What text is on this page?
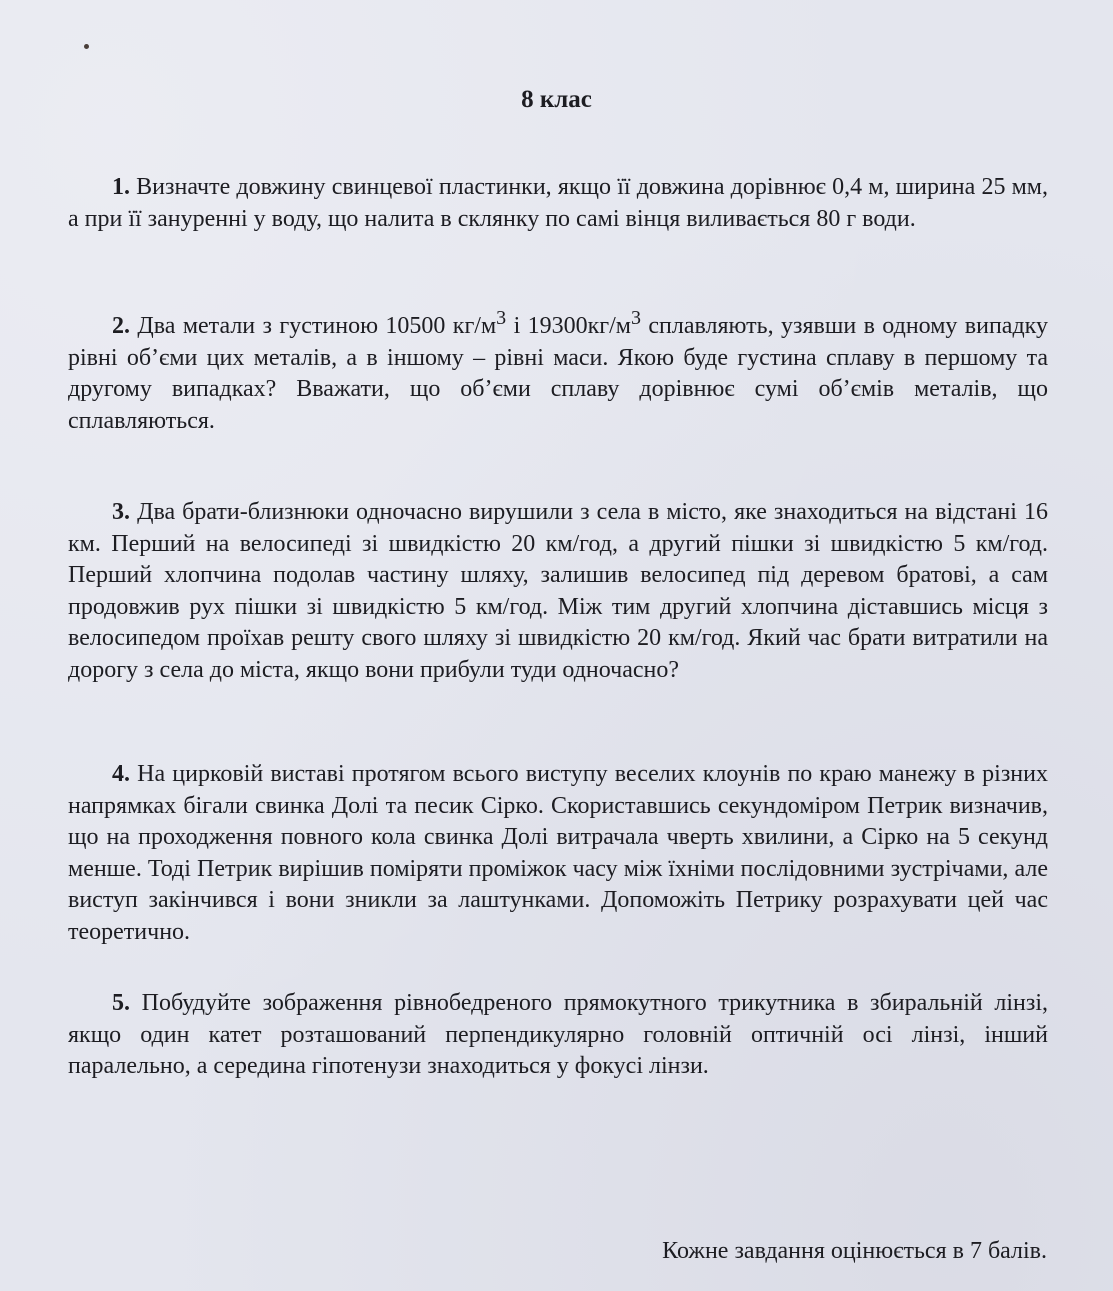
8 клас

1. Визначте довжину свинцевої пластинки, якщо її довжина дорівнює 0,4 м, ширина 25 мм, а при її зануренні у воду, що налита в склянку по самі вінця виливається 80 г води.

2. Два метали з густиною 10500 $кг/м^3$ і $19300кг/м^3$ сплавляють, узявши в одному випадку рівні об’єми цих металів, а в іншому – рівні маси. Якою буде густина сплаву в першому та другому випадках? Вважати, що об’єми сплаву дорівнює сумі об’ємів металів, що сплавляються.

3. Два брати-близнюки одночасно вирушили з села в місто, яке знаходиться на відстані 16 км. Перший на велосипеді зі швидкістю 20 км/год, а другий пішки зі швидкістю 5 км/год. Перший хлопчина подолав частину шляху, залишив велосипед під деревом братові, а сам продовжив рух пішки зі швидкістю 5 км/год. Між тим другий хлопчина діставшись місця з велосипедом проїхав решту свого шляху зі швидкістю 20 км/год. Який час брати витратили на дорогу з села до міста, якщо вони прибули туди одночасно?

4. На цирковій виставі протягом всього виступу веселих клоунів по краю манежу в різних напрямках бігали свинка Долі та песик Сірко. Скориставшись секундоміром Петрик визначив, що на проходження повного кола свинка Долі витрачала чверть хвилини, а Сірко на 5 секунд менше. Тоді Петрик вирішив поміряти проміжок часу між їхніми послідовними зустрічами, але виступ закінчився і вони зникли за лаштунками. Допоможіть Петрику розрахувати цей час теоретично.

5. Побудуйте зображення рівнобедреного прямокутного трикутника в збиральній лінзі, якщо один катет розташований перпендикулярно головній оптичній осі лінзі, інший паралельно, а середина гіпотенузи знаходиться у фокусі лінзи.

Кожне завдання оцінюється в 7 балів.
